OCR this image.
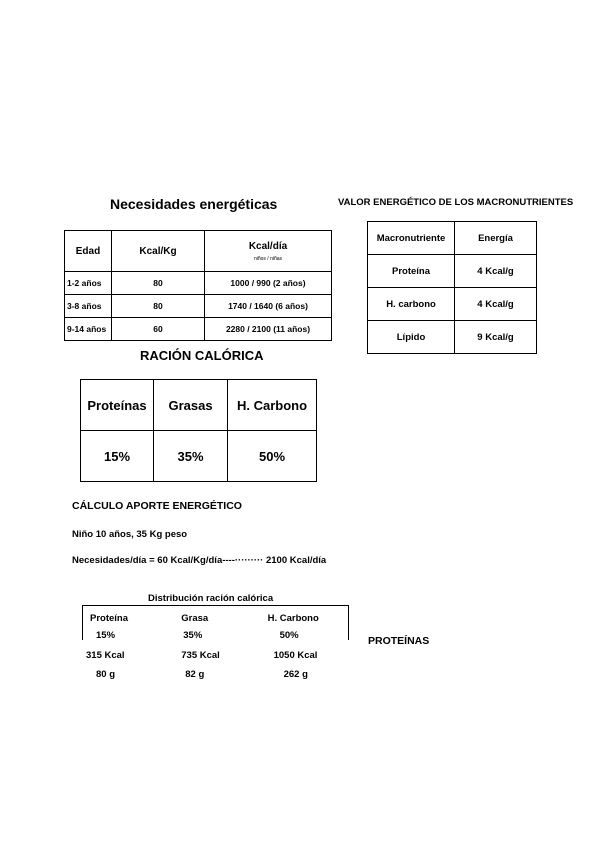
Necesidades energéticas
Edad	Kcal/Kg	Kcal/día
niños / niñas

1-2 años	80	1000 / 990 (2 años)
3-8 años	80	1740 / 1640 (6 años)
9-14 años	60	2280 / 2100 (11 años)
VALOR ENERGÉTICO DE LOS MACRONUTRIENTES
Macronutriente	Energía
Proteína	4 Kcal/g
H. carbono	4 Kcal/g
Lípido	9 Kcal/g
RACIÓN CALÓRICA
Proteínas	Grasas	H. Carbono
15%	35%	50%
CÁLCULO APORTE ENERGÉTICO
Niño 10 años, 35 Kg peso
Necesidades/día = 60 Kcal/Kg/día----········· 2100 Kcal/día
Distribución ración calórica
Proteína	Grasa	H. Carbono
15%	35%	50%
315 Kcal	735 Kcal	1050 Kcal
80 g	82 g	262 g
PROTEÍNAS
